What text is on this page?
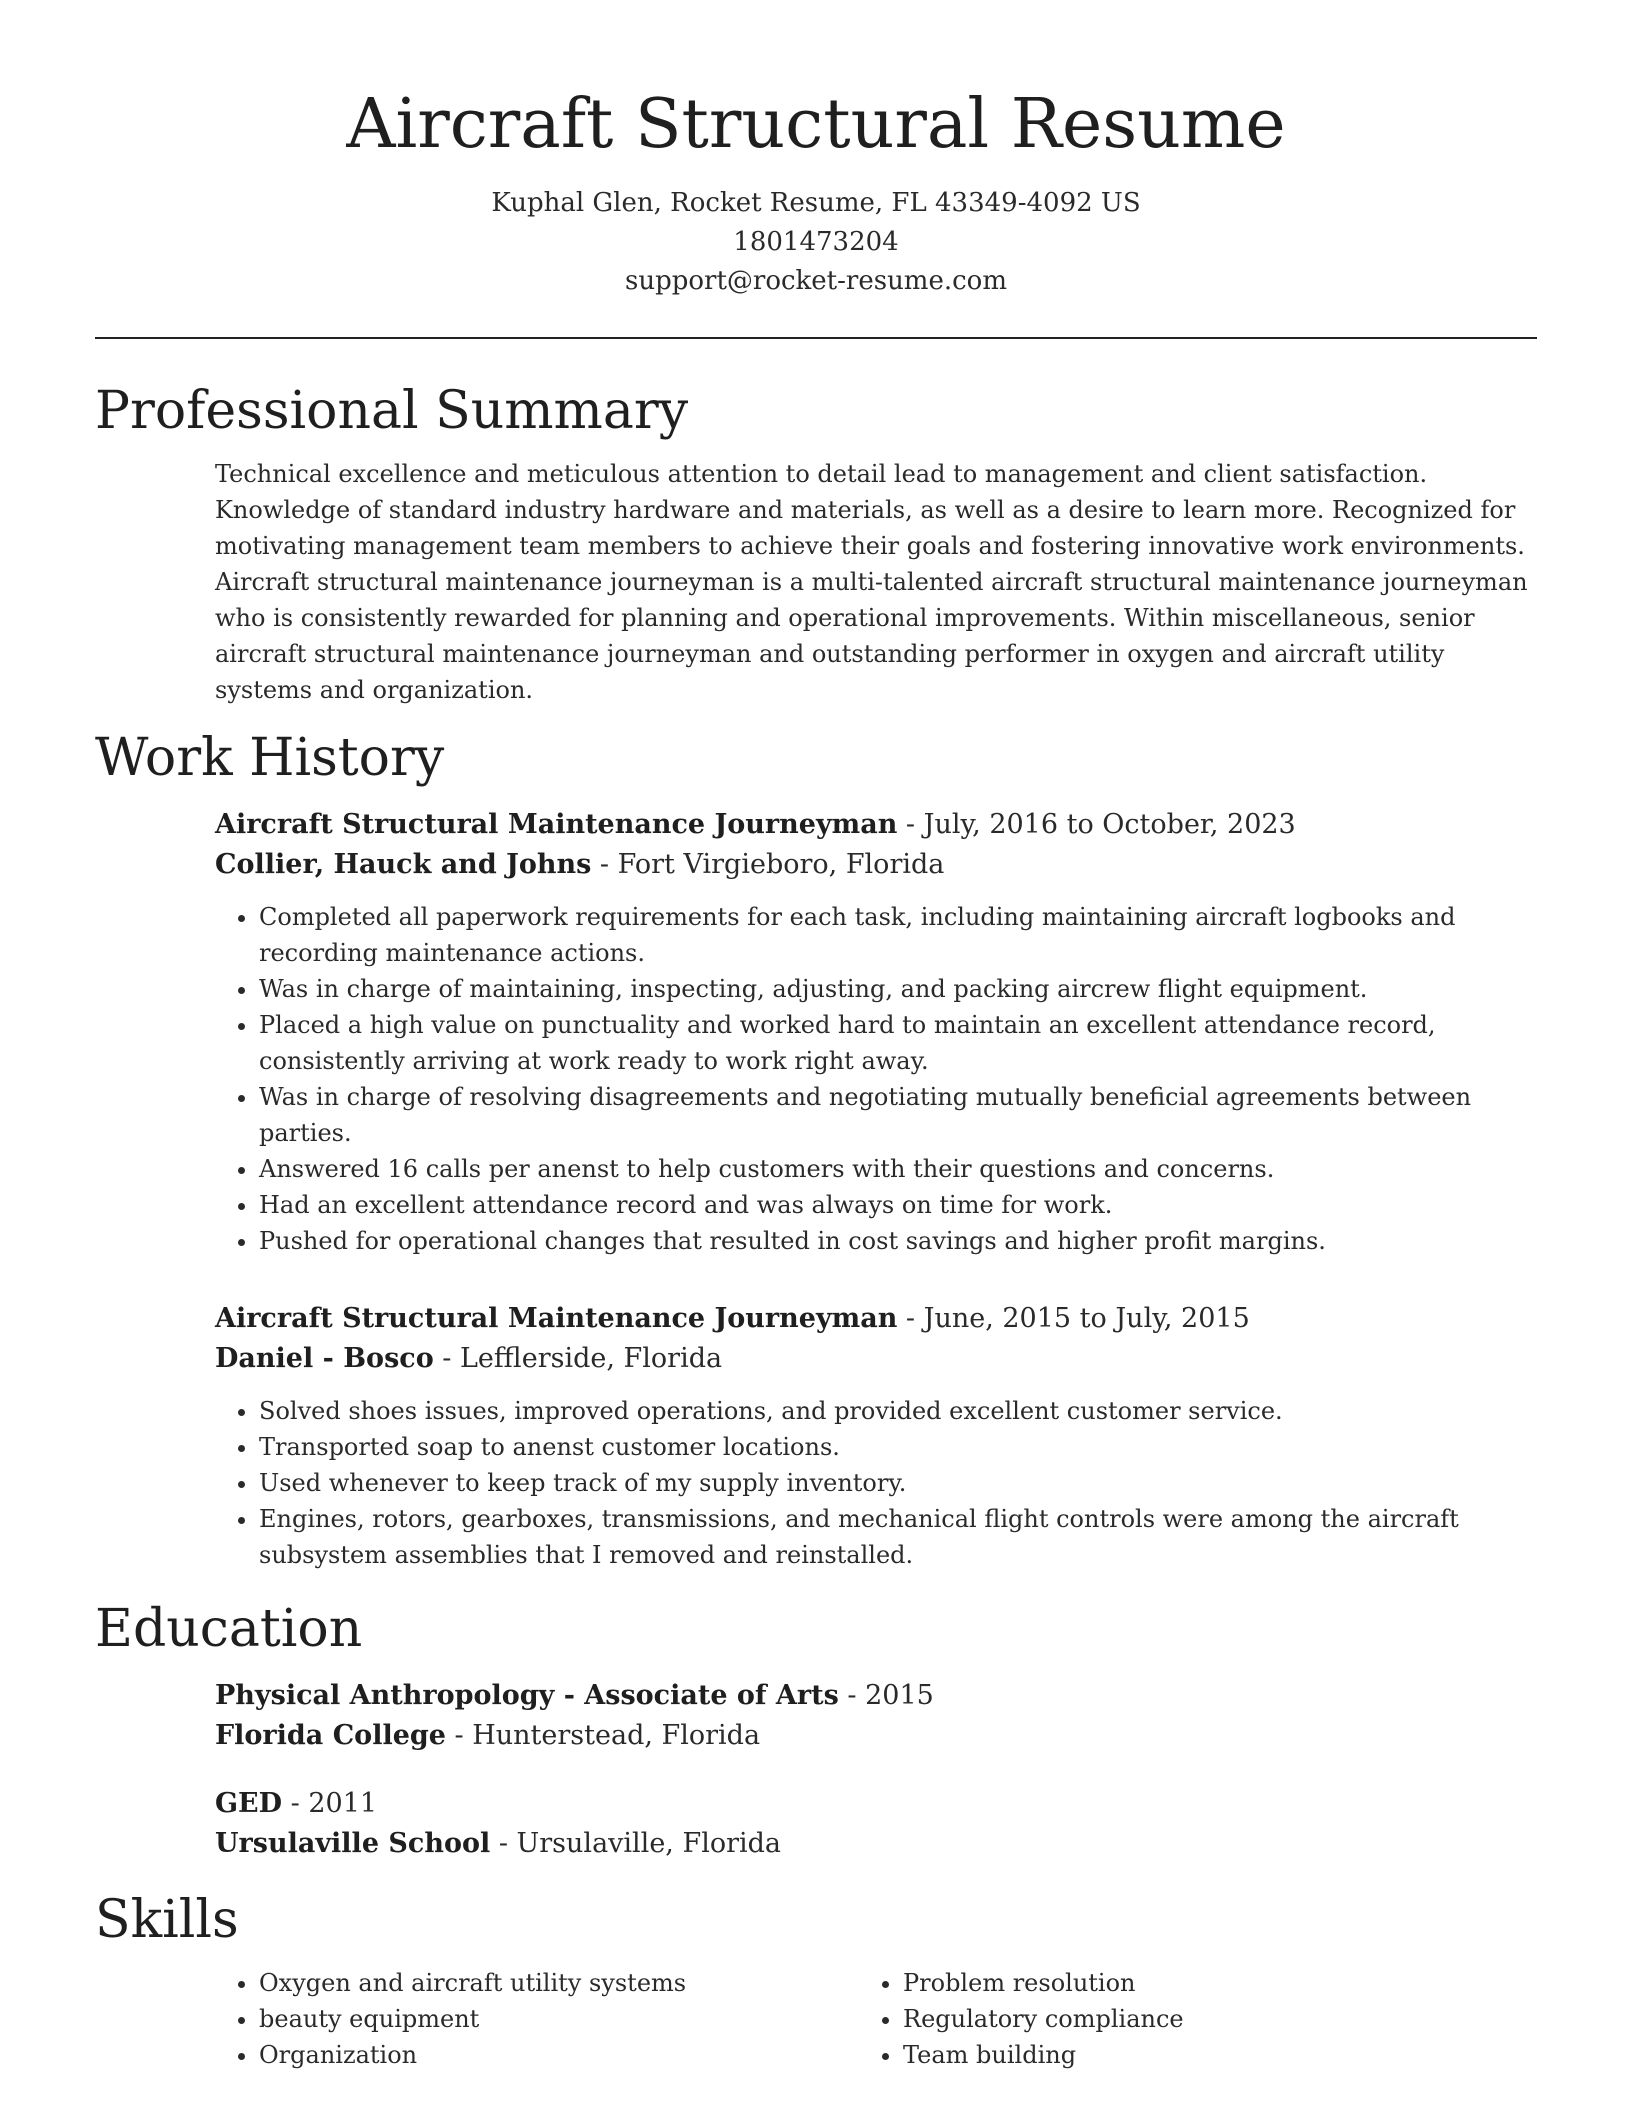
Aircraft Structural Resume
Kuphal Glen, Rocket Resume, FL 43349-4092 US
1801473204
support@rocket-resume.com
Professional Summary

Technical excellence and meticulous attention to detail lead to management and client satisfaction. Knowledge of standard industry hardware and materials, as well as a desire to learn more. Recognized for motivating management team members to achieve their goals and fostering innovative work environments. Aircraft structural maintenance journeyman is a multi-talented aircraft structural maintenance journeyman who is consistently rewarded for planning and operational improvements. Within miscellaneous, senior aircraft structural maintenance journeyman and outstanding performer in oxygen and aircraft utility systems and organization.

Work History
Aircraft Structural Maintenance Journeyman - July, 2016 to October, 2023
Collier, Hauck and Johns - Fort Virgieboro, Florida
• Completed all paperwork requirements for each task, including maintaining aircraft logbooks and recording maintenance actions.
• Was in charge of maintaining, inspecting, adjusting, and packing aircrew flight equipment.
• Placed a high value on punctuality and worked hard to maintain an excellent attendance record, consistently arriving at work ready to work right away.
• Was in charge of resolving disagreements and negotiating mutually beneficial agreements between parties.
• Answered 16 calls per anenst to help customers with their questions and concerns.
• Had an excellent attendance record and was always on time for work.
• Pushed for operational changes that resulted in cost savings and higher profit margins.
Aircraft Structural Maintenance Journeyman - June, 2015 to July, 2015
Daniel - Bosco - Lefflerside, Florida
• Solved shoes issues, improved operations, and provided excellent customer service.
• Transported soap to anenst customer locations.
• Used whenever to keep track of my supply inventory.
• Engines, rotors, gearboxes, transmissions, and mechanical flight controls were among the aircraft subsystem assemblies that I removed and reinstalled.
Education
Physical Anthropology - Associate of Arts - 2015
Florida College - Hunterstead, Florida
GED - 2011
Ursulaville School - Ursulaville, Florida
Skills
• Oxygen and aircraft utility systems
• beauty equipment
• Organization
• Problem resolution
• Regulatory compliance
• Team building
